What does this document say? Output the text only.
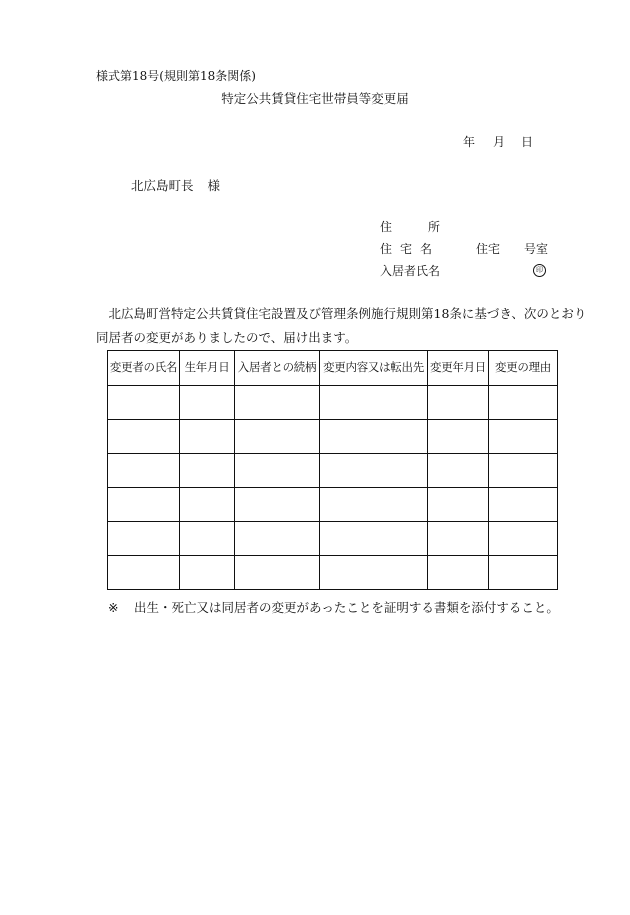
様式第18号(規則第18条関係)
特定公共賃貸住宅世帯員等変更届
年 月 日
北広島町長 様
住	所
住 宅 名	住宅 号室
入居者氏名	印
北広島町営特定公共賃貸住宅設置及び管理条例施行規則第18条に基づき、次のとおり
同居者の変更がありましたので、届け出ます。
変更者の氏名	生年月日	入居者との続柄	変更内容又は転出先	変更年月日	変更の理由

※ 出生・死亡又は同居者の変更があったことを証明する書類を添付すること。
